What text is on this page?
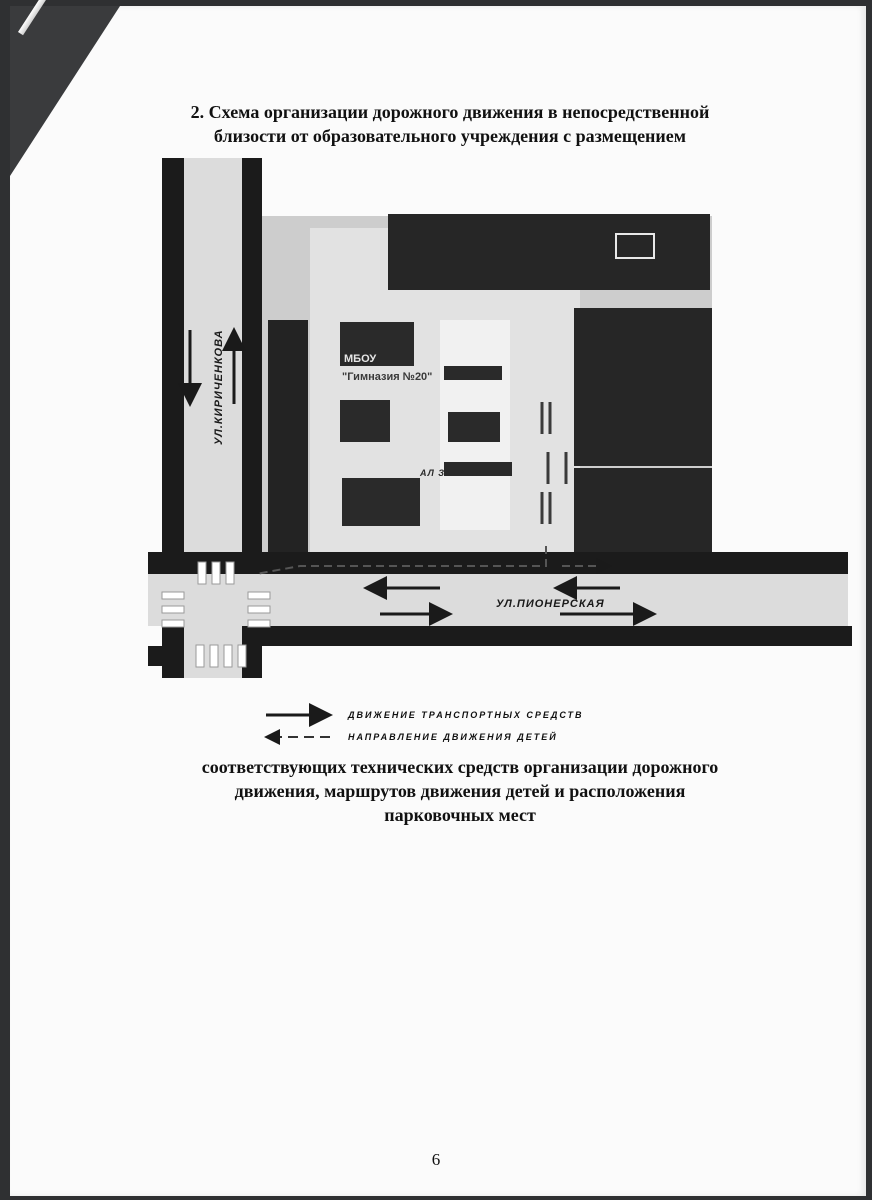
2. Схема организации дорожного движения в непосредственной
близости от образовательного учреждения с размещением
МБОУ
"Гимназия №20"
АЛ ЗАБАЛИБЕИ
УЛ.КИРИЧЕНКОВА
УЛ.ПИОНЕРСКАЯ
ДВИЖЕНИЕ ТРАНСПОРТНЫХ СРЕДСТВ
НАПРАВЛЕНИЕ ДВИЖЕНИЯ ДЕТЕЙ
соответствующих технических средств организации дорожного
движения, маршрутов движения детей и расположения
парковочных мест
6
